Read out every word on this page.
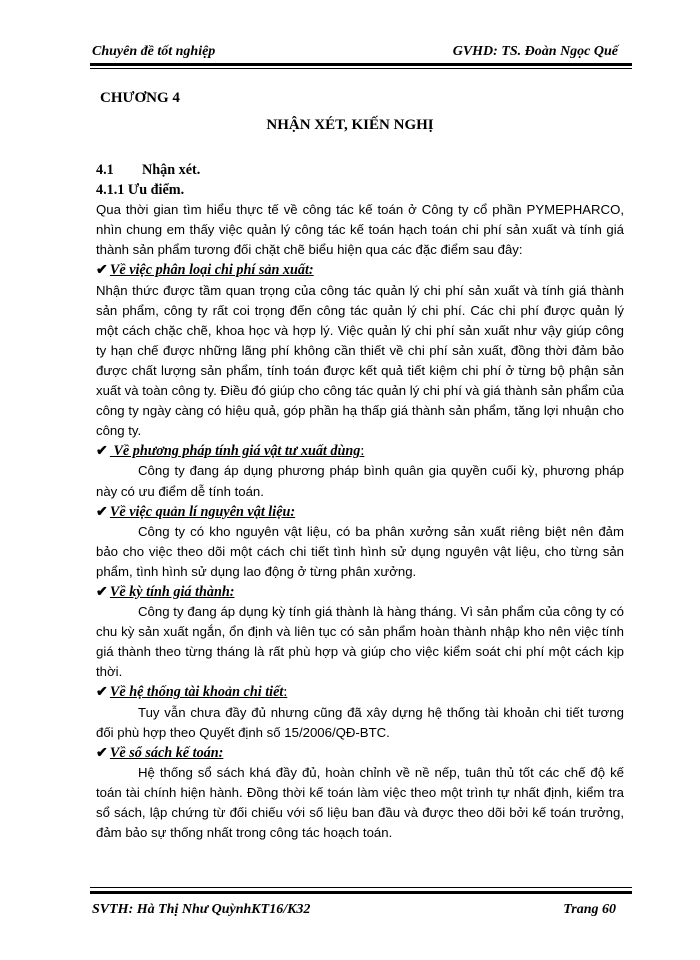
Chuyên đề tốt nghiệp	GVHD: TS. Đoàn Ngọc Quế
CHƯƠNG 4
NHẬN XÉT, KIẾN NGHỊ

4.1 Nhận xét.

4.1.1 Ưu điểm.

Qua thời gian tìm hiểu thực tế về công tác kế toán ở Công ty cổ phần PYMEPHARCO, nhìn chung em thấy việc quản lý công tác kế toán hạch toán chi phí sản xuất và tính giá thành sản phẩm tương đối chặt chẽ biểu hiện qua các đặc điểm sau đây:

✔ Về việc phân loại chi phí sản xuất:

Nhận thức được tầm quan trọng của công tác quản lý chi phí sản xuất và tính giá thành sản phẩm, công ty rất coi trọng đến công tác quản lý chi phí. Các chi phí được quản lý một cách chặc chẽ, khoa học và hợp lý. Việc quản lý chi phí sản xuất như vậy giúp công ty hạn chế được những lãng phí không cần thiết về chi phí sản xuất, đồng thời đảm bảo được chất lượng sản phẩm, tính toán được kết quả tiết kiệm chi phí ở từng bộ phận sản xuất và toàn công ty. Điều đó giúp cho công tác quản lý chi phí và giá thành sản phẩm của công ty ngày càng có hiệu quả, góp phần hạ thấp giá thành sản phẩm, tăng lợi nhuận cho công ty.

✔ Về phương pháp tính giá vật tư xuất dùng:

Công ty đang áp dụng phương pháp bình quân gia quyền cuối kỳ, phương pháp này có ưu điểm dễ tính toán.

✔ Về việc quản lí nguyên vật liệu:

Công ty có kho nguyên vật liệu, có ba phân xưởng sản xuất riêng biệt nên đảm bảo cho việc theo dõi một cách chi tiết tình hình sử dụng nguyên vật liệu, cho từng sản phẩm, tình hình sử dụng lao động ở từng phân xưởng.

✔ Về kỳ tính giá thành:

Công ty đang áp dụng kỳ tính giá thành là hàng tháng. Vì sản phẩm của công ty có chu kỳ sản xuất ngắn, ổn định và liên tục có sản phẩm hoàn thành nhập kho nên việc tính giá thành theo từng tháng là rất phù hợp và giúp cho việc kiểm soát chi phí một cách kịp thời.

✔ Về hệ thống tài khoản chi tiết:

Tuy vẫn chưa đầy đủ nhưng cũng đã xây dựng hệ thống tài khoản chi tiết tương đối phù hợp theo Quyết định số 15/2006/QĐ-BTC.

✔ Về sổ sách kế toán:

Hệ thống sổ sách khá đầy đủ, hoàn chỉnh về nề nếp, tuân thủ tốt các chế độ kế toán tài chính hiện hành. Đồng thời kế toán làm việc theo một trình tự nhất định, kiểm tra sổ sách, lập chứng từ đối chiếu với số liệu ban đầu và được theo dõi bởi kế toán trưởng, đảm bảo sự thống nhất trong công tác hoạch toán.

SVTH: Hà Thị Như QuỳnhKT16/K32	Trang 60
